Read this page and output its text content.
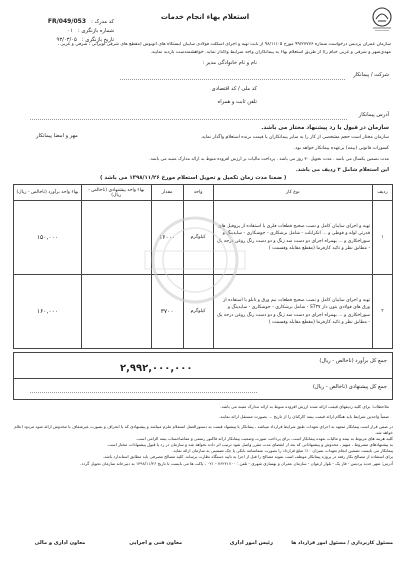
استعلام بهاء انجام خدمات
کد مدرک : FR/049/053
شماره بازنگری : ۰۱
تاریخ بازنگری : ۹۳/۰۳/۰۵
سازمان عمران پردیس درخواست شماره ۹۹/۲۷۷۷۶ مورخ ۹۸/۱۱/۰۵ از بابت تهیه و اجرای اسکلت فولادی سایبان ایستگاه های اتوبوس (مقطع های شرقی لویزانی ، شرقی و غربی ،
مهدی‌شهر و شرقی و غربی خیام را) از طریق استعلام بهاء به پیمانکاران واجد شرایط واگذار نماید. خواهشمندست بازدید نمایید.
نام و نام خانوادگی مدیر :
شرکت / پیمانکار
کد ملی / کد اقتصادی
تلفن ثابت و همراه
آدرس پیمانکار
سازمان در قبول یا رد پیشنهاد مختار می باشد.
سازمان مختار است حجم مشخصی از کار را به سایر پیمانکاران با قیمت برنده استعلام واگذار نماید.
مهر و امضا پیمانکار
کسورات قانونی (بیمه) برعهده پیمانکار خواهد بود.
مدت تضمین یکسال می باشد . مدت تحویل ۳۰ روز می باشد . پرداخت مالیات بر ارزش افزوده منوط به ارائه مدارک مثبته می باشد.
این استعلام شامل ۲ ردیف می باشد.
( ضمنا مدت زمان تکمیل و تحویل استعلام مورخ ۱۳۹۸/۱۱/۲۶ می باشد )
ردیف	نوع کار	واحد	مقدار	بهاء واحد پیشنهادی (ناخالص - ریال)	بهاء واحد برآورد (ناخالص - ریال)
۱	تهیه و اجرای سایبان کامل و نصب صحیح قطعات فلزی با استفاده از پروفیل های قدرتی لوله و قوطی و ... انکرابلت - شامل برشکاری - جوشکاری - سایدینگ و سوراخکاری و ... بهمراه اجرای دو دست ضد زنگ و دو دست رنگ روغن درجه یک - مطابق نظر و تائید کارفرما (مقطع مقابله وقسمت )	کیلوگرم	۱۶۰۰۰		۱۵۰,۰۰۰
۲	تهیه و اجرای سایبان کامل و نصب صحیح قطعات نیم ورق و تابلو با استفاده از ورق های فولادی بتون دار ST۳۷ - شامل برشکاری - جوشکاری - سایدینگ و سوراخکاری و ... بهمراه اجرای دو دست ضد زنگ و دو دست رنگ روغن درجه یک - مطابق نظر و تائید کارفرما (مقطع مقابله وقسمت )	کیلوگرم	۳۷۰۰		۱۶۰,۰۰۰
جمع کل برآورد (ناخالص - ریال)
۲,۹۹۲,۰۰۰,۰۰۰
جمع کل پیشنهادی (ناخالص - ریال)
ملاحظات: برای کلیه ردیفهای قیمت ارائه شده ارزش افزوده منوط به ارائه مدارک مثبته می باشد.
ضمناً واجدین شرایط باید هنگام ارائه قیمت بیمه کارکنان را از تاریخ ... بصورت مستقل ارائه نمایند.
در ضمن قرار است پیمانکار متعهد به اجرای تعهدات طبق شرایط قرارداد میباشد ، پیمانکار با پیشنهاد قیمت به دستورالعمل استعلام ملزم میباشد و پیشنهادی که با انحراف و بصورت غیرشفاف یا مخدوش ارائه شود مردود اعلام خواهد شد.
کلیه هزینه های مربوط به بیمه و مالیات بعهده پیمانکار است. برای پرداخت صورت وضعیت پیمانکار ارائه فاکتور رسمی و مفاصاحساب بیمه الزامی است.
به پیشنهادهای مشروط ، مبهم ، مخدوش و پیشنهاداتی که بعد از انقضای مدت مقرر واصل شود ترتیب اثر داده نخواهد شد و سازمان در رد یا قبول پیشنهادات مختار است.
پیمانکار می بایست تضمین انجام تعهدات بمیزان ۱۰٪ مبلغ قرارداد را بصورت ضمانتنامه بانکی یا چک تضمینی به سازمان ارائه نماید.
برای استفاده از مصالح بکار رفته در پروژه پیمانکار موظف است نمونه مصالح را قبل از اجرا به تایید دستگاه نظارت برساند. کلیه مصالح مصرفی باید مطابق استاندارد باشد.
آدرس: شهر جدید پردیس - فاز یک - بلوار ارغوان - سازمان عمران و بهسازی شهری - تلفن : ۷۶۲۴۱۷۰۰ - ۰۲۱ ، پاکت ها می بایست تا تاریخ ۱۳۹۸/۱۱/۲۶ به دبیرخانه سازمان تحویل گردد.
مسئول کاربردازی / مسئول امور قرارداد ها
رئیس امور اداری
معاون فنی و اجرایی
معاون اداری و مالی
